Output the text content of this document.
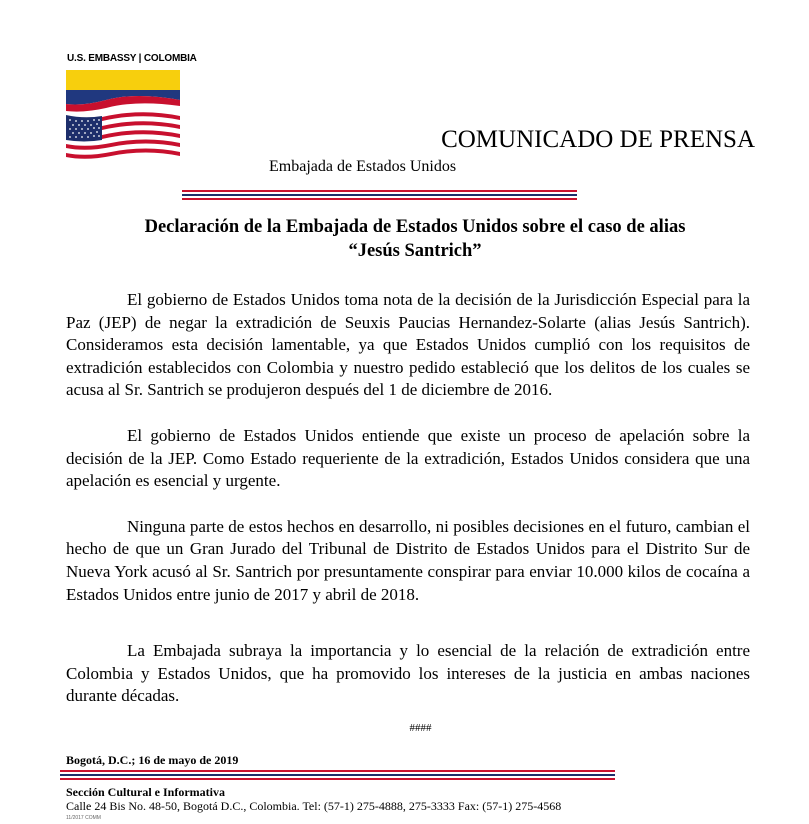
U.S. EMBASSY | COLOMBIA
COMUNICADO DE PRENSA
Embajada de Estados Unidos
Declaración de la Embajada de Estados Unidos sobre el caso de alias
“Jesús Santrich”

El gobierno de Estados Unidos toma nota de la decisión de la Jurisdicción Especial para la Paz (JEP) de negar la extradición de Seuxis Paucias Hernandez-Solarte (alias Jesús Santrich). Consideramos esta decisión lamentable, ya que Estados Unidos cumplió con los requisitos de extradición establecidos con Colombia y nuestro pedido estableció que los delitos de los cuales se acusa al Sr. Santrich se produjeron después del 1 de diciembre de 2016.

El gobierno de Estados Unidos entiende que existe un proceso de apelación sobre la decisión de la JEP. Como Estado requeriente de la extradición, Estados Unidos considera que una apelación es esencial y urgente.

Ninguna parte de estos hechos en desarrollo, ni posibles decisiones en el futuro, cambian el hecho de que un Gran Jurado del Tribunal de Distrito de Estados Unidos para el Distrito Sur de Nueva York acusó al Sr. Santrich por presuntamente conspirar para enviar 10.000 kilos de cocaína a Estados Unidos entre junio de 2017 y abril de 2018.

La Embajada subraya la importancia y lo esencial de la relación de extradición entre Colombia y Estados Unidos, que ha promovido los intereses de la justicia en ambas naciones durante décadas.

####
Bogotá, D.C.; 16 de mayo de 2019
Sección Cultural e Informativa
Calle 24 Bis No. 48-50, Bogotá D.C., Colombia. Tel: (57-1) 275-4888, 275-3333 Fax: (57-1) 275-4568
11/2017 COMM
